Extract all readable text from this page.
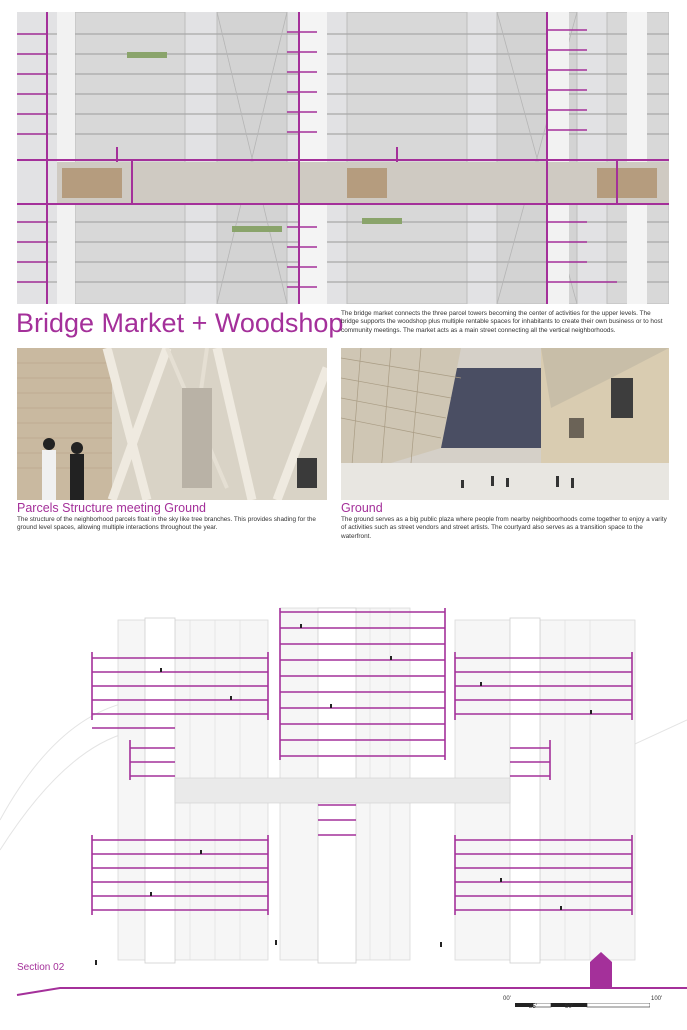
Bridge Market + Woodshop
The bridge market connects the three parcel towers becoming the center of activities for the upper levels. The bridge supports the woodshop plus multiple rentable spaces for inhabitants to create their own business or to host community meetings. The market acts as a main street connecting all the vertical neighborhoods.
Parcels Structure meeting Ground
The structure of the neighborhood parcels float in the sky like tree branches. This provides shading for the ground level spaces, allowing multiple interactions throughout the year.
Ground
The ground serves as a big public plaza where people from nearby neighboorhoods come together to enjoy a varity of activities such as street vendors and street artists. The courtyard also serves as a transition space to the waterfront.
Section 02
00'
25'	50'
100'
